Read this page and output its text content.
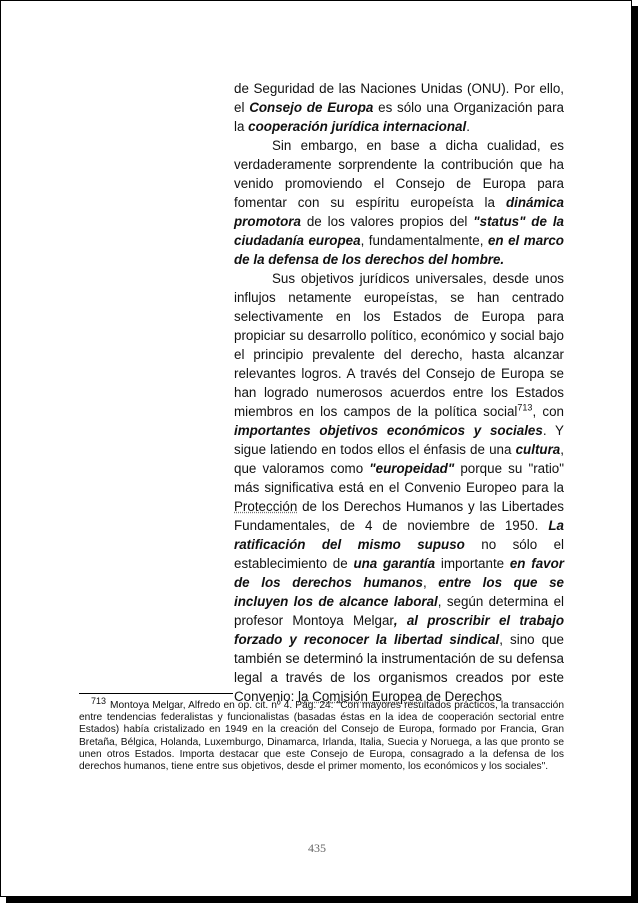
de Seguridad de las Naciones Unidas (ONU). Por ello, el Consejo de Europa es sólo una Organización para la cooperación jurídica internacional.

Sin embargo, en base a dicha cualidad, es verdaderamente sorprendente la contribución que ha venido promoviendo el Consejo de Europa para fomentar con su espíritu europeísta la dinámica promotora de los valores propios del "status" de la ciudadanía europea, fundamentalmente, en el marco de la defensa de los derechos del hombre.

Sus objetivos jurídicos universales, desde unos influjos netamente europeístas, se han centrado selectivamente en los Estados de Europa para propiciar su desarrollo político, económico y social bajo el principio prevalente del derecho, hasta alcanzar relevantes logros. A través del Consejo de Europa se han logrado numerosos acuerdos entre los Estados miembros en los campos de la política social$^{713}$, con importantes objetivos económicos y sociales. Y sigue latiendo en todos ellos el énfasis de una cultura, que valoramos como "europeidad" porque su "ratio" más significativa está en el Convenio Europeo para la Protección de los Derechos Humanos y las Libertades Fundamentales, de 4 de noviembre de 1950. La ratificación del mismo supuso no sólo el establecimiento de una garantía importante en favor de los derechos humanos, entre los que se incluyen los de alcance laboral, según determina el profesor Montoya Melgar, al proscribir el trabajo forzado y reconocer la libertad sindical, sino que también se determinó la instrumentación de su defensa legal a través de los organismos creados por este Convenio: la Comisión Europea de Derechos

713 Montoya Melgar, Alfredo en op. cit. nº 4. Pág. 24: "Con mayores resultados prácticos, la transacción entre tendencias federalistas y funcionalistas (basadas éstas en la idea de cooperación sectorial entre Estados) había cristalizado en 1949 en la creación del Consejo de Europa, formado por Francia, Gran Bretaña, Bélgica, Holanda, Luxemburgo, Dinamarca, Irlanda, Italia, Suecia y Noruega, a las que pronto se unen otros Estados. Importa destacar que este Consejo de Europa, consagrado a la defensa de los derechos humanos, tiene entre sus objetivos, desde el primer momento, los económicos y los sociales".
435
